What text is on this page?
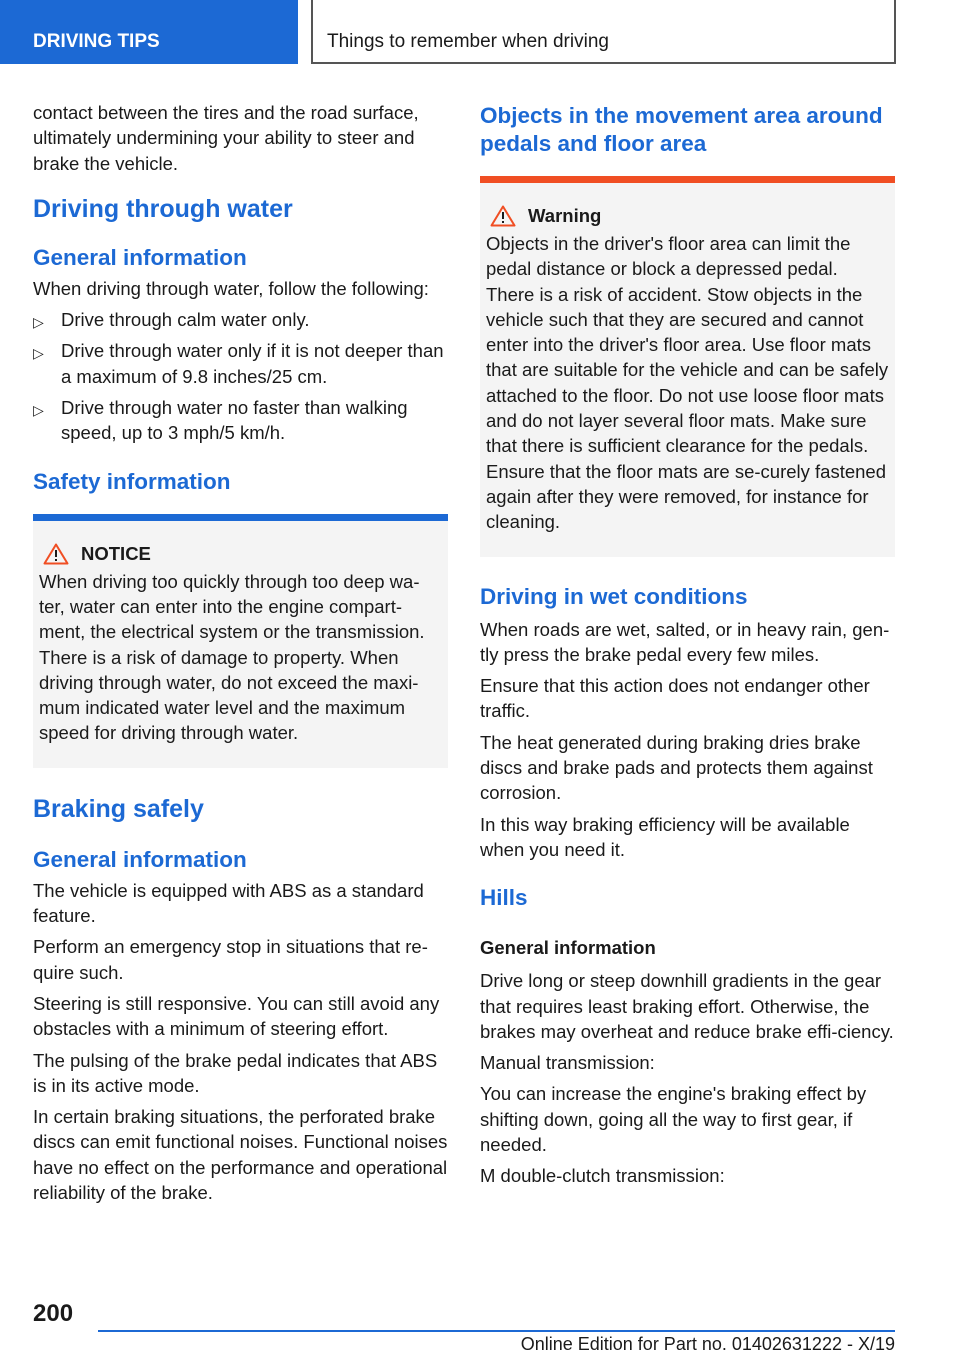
DRIVING TIPS	Things to remember when driving

contact between the tires and the road surface, ultimately undermining your ability to steer and brake the vehicle.

Driving through water
General information

When driving through water, follow the following:

▷ Drive through calm water only.
▷ Drive through water only if it is not deeper than a maximum of 9.8 inches/25 cm.
▷ Drive through water no faster than walking speed, up to 3 mph/5 km/h.
Safety information
NOTICE

When driving too quickly through too deep wa-ter, water can enter into the engine compart-ment, the electrical system or the transmission. There is a risk of damage to property. When driving through water, do not exceed the maxi-mum indicated water level and the maximum speed for driving through water.

Braking safely
General information

The vehicle is equipped with ABS as a standard feature.

Perform an emergency stop in situations that re-quire such.

Steering is still responsive. You can still avoid any obstacles with a minimum of steering effort.

The pulsing of the brake pedal indicates that ABS is in its active mode.

In certain braking situations, the perforated brake discs can emit functional noises. Functional noises have no effect on the performance and operational reliability of the brake.

Objects in the movement area around pedals and floor area
Warning

Objects in the driver's floor area can limit the pedal distance or block a depressed pedal. There is a risk of accident. Stow objects in the vehicle such that they are secured and cannot enter into the driver's floor area. Use floor mats that are suitable for the vehicle and can be safely attached to the floor. Do not use loose floor mats and do not layer several floor mats. Make sure that there is sufficient clearance for the pedals. Ensure that the floor mats are se-curely fastened again after they were removed, for instance for cleaning.

Driving in wet conditions

When roads are wet, salted, or in heavy rain, gen-tly press the brake pedal every few miles.

Ensure that this action does not endanger other traffic.

The heat generated during braking dries brake discs and brake pads and protects them against corrosion.

In this way braking efficiency will be available when you need it.

Hills
General information

Drive long or steep downhill gradients in the gear that requires least braking effort. Otherwise, the brakes may overheat and reduce brake effi-ciency.

Manual transmission:

You can increase the engine's braking effect by shifting down, going all the way to first gear, if needed.

M double-clutch transmission:

200
Online Edition for Part no. 01402631222 - X/19
